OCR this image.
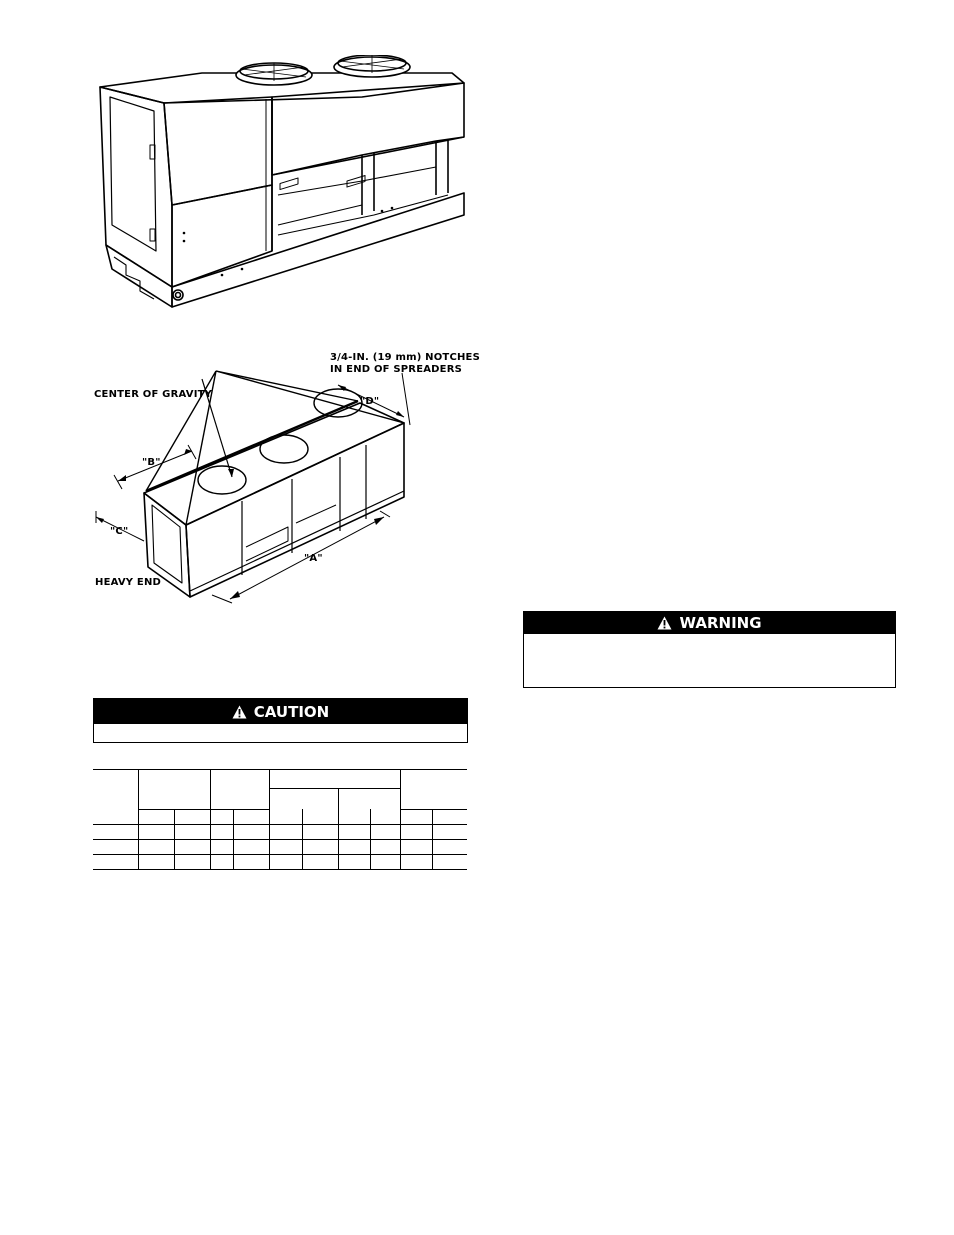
3/4-IN. (19 mm) NOTCHES
IN END OF SPREADERS
CENTER OF GRAVITY
"B"
"D"
"C"
"A"
HEAVY END
CAUTION

WARNING
